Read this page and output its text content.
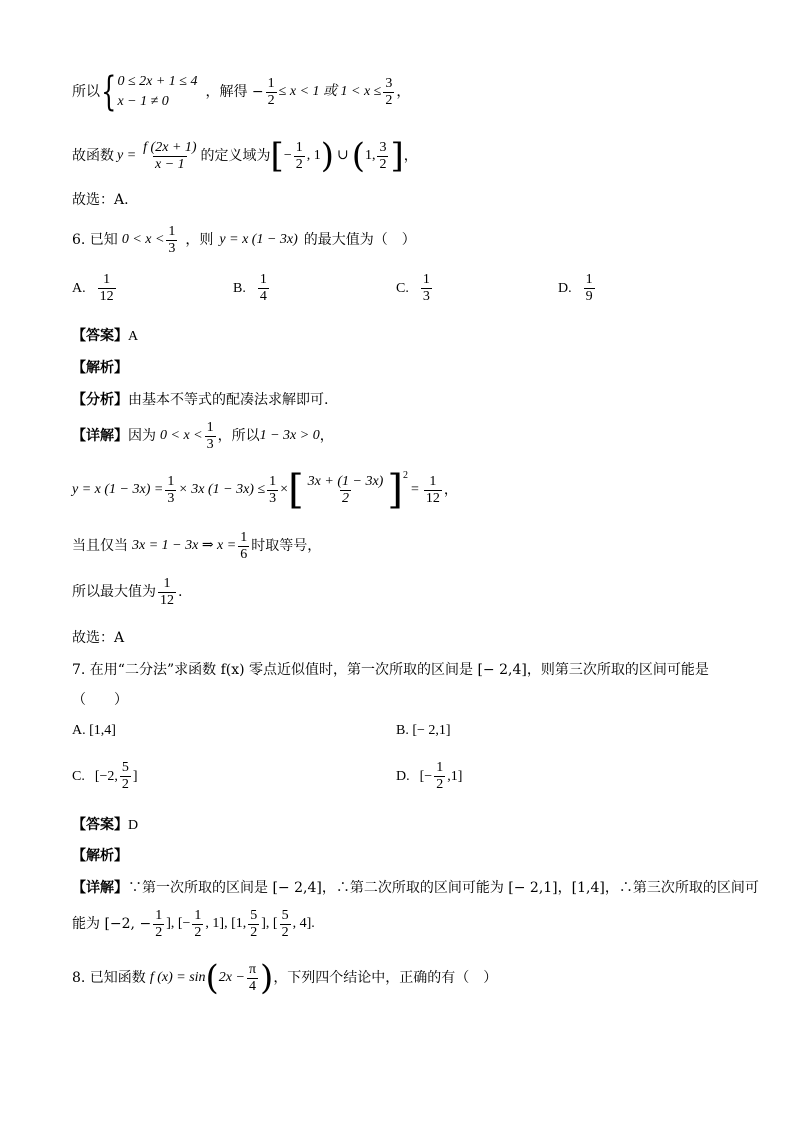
所以 { 0 ≤ 2x + 1 ≤ 4
x − 1 ≠ 0
，解得 − $\frac{1}{2} \le x < 1$ 或 $1 < x \le \frac{3}{2}$ ，
故函数 $y = \frac{f (2x + 1)}{x - 1}$ 的定义域为 [ − $\frac{1}{2}$ , 1 ) ∪ ( 1, $\frac{3}{2}$ ] ，
故选：A.
6. 已知 $0 < x < \frac{1}{3}$ ，则 y = x (1 − 3x) 的最大值为（　）
A. $\frac{1}{12}$	B. $\frac{1}{4}$	C. $\frac{1}{3}$	D. $\frac{1}{9}$
【答案】A
【解析】
【分析】由基本不等式的配凑法求解即可.
【详解】 因为 $0 < x < \frac{1}{3}$ ，所以 1 − 3x > 0 ，
y = x $(1 - 3x) = \frac{1}{3} \times 3x$ $(1 - 3x) \le \frac{1}{3}$ × [ $\frac{3x + (1 - 3x)}{2}$ ] 2
= $\frac{1}{12}$ ，
当且仅当 3x = 1 − 3x ⇒ $x = \frac{1}{6}$ 时取等号，
所以最大值为 $\frac{1}{12}$ .
故选：A
7. 在用“二分法”求函数 f(x) 零点近似值时，第一次所取的区间是 [− 2,4]，则第三次所取的区间可能是
（　　）
A. [1,4]	B. [− 2,1]
C. [−2, $\frac{5}{2}$ ]	D. [− $\frac{1}{2} ,1$]
【答案】D
【解析】
【详解】∵第一次所取的区间是 [− 2,4]，∴第二次所取的区间可能为 [− 2,1]，[1,4]，∴第三次所取的区间可
能为 [−2, − $\frac{1}{2}$ ], [− $\frac{1}{2}$ , 1], [1, $\frac{5}{2}$ ], [ $\frac{5}{2}$ , 4].
8. 已知函数 f (x) = sin ( $2x - \frac{\pi}{4}$ ) ，下列四个结论中，正确的有（　）
